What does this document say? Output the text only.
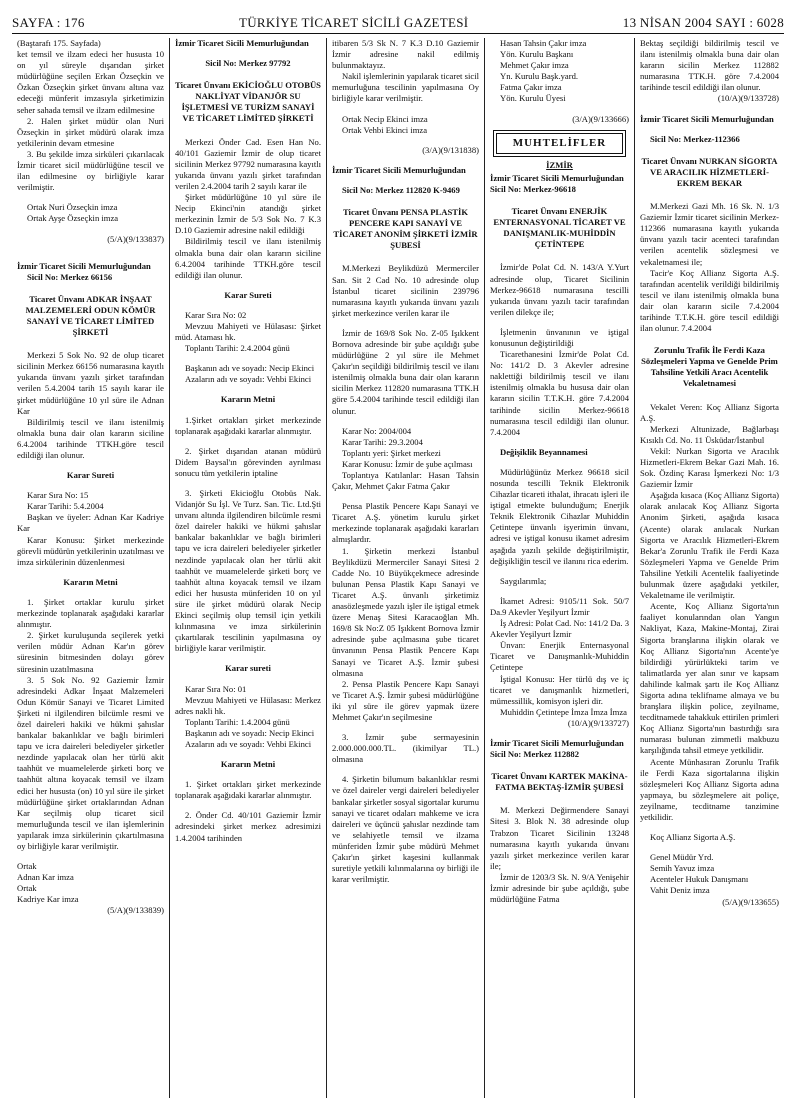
SAYFA : 176	TÜRKİYE TİCARET SİCİLİ GAZETESİ	13 NİSAN 2004 SAYI : 6028

(Baştarafı 175. Sayfada)

ket temsil ve ilzam edeci her hususta 10 on yıl süreyle dışarıdan şirket müdürlüğüne seçilen Erkan Özseçkin ve Özkan Özseçkin şirket ünvanı altına vaz edeceği münferit imzasıyla şirketimizin seher sahada temsil ve ilzam edilmesine

2. Halen şirket müdür olan Nuri Özseçkin in şirket müdürü olarak imza yetkilerinin devam etmesine

3. Bu şekilde imza sirküleri çıkarılacak İzmir ticaret sicil müdürlüğüne tescil ve ilan edilmesine oy birliğiyle karar verilmiştir.

Ortak Nuri Özseçkin imza

Ortak Ayşe Özseçkin imza

(5/A)(9/133837)

İzmir Ticaret Sicili Memurluğundan

Sicil No: Merkez 66156

Ticaret Ünvanı ADKAR İNŞAAT MALZEMELERİ ODUN KÖMÜR SANAYİ VE TİCARET LİMİTED ŞİRKETİ

Merkezi 5 Sok No. 92 de olup ticaret sicilinin Merkez 66156 numarasına kayıtlı yukarıda ünvanı yazılı şirket tarafından verilen 5.4.2004 tarih 15 sayılı karar ile şirket müdürlüğüne 10 yıl süre ile Adnan Kar

Bildirilmiş tescil ve ilanı istenilmiş olmakla buna dair olan kararın siciline 6.4.2004 tarihinde TTKH.göre tescil edildiği ilan olunur.

Karar Sureti

Karar Sıra No: 15

Karar Tarihi: 5.4.2004

Başkan ve üyeler: Adnan Kar Kadriye Kar

Karar Konusu: Şirket merkezinde görevli müdürün yetkilerinin uzatılması ve imza sirkülerinin düzenlenmesi

Kararın Metni

1. Şirket ortaklar kurulu şirket merkezinde toplanarak aşağıdaki kararlar alınmıştır.

2. Şirket kuruluşunda seçilerek yetki verilen müdür Adnan Kar'ın görev süresinin bitmesinden dolayı görev süresinin uzatılmasına

3. 5 Sok No. 92 Gaziemir İzmir adresindeki Adkar İnşaat Malzemeleri Odun Kömür Sanayi ve Ticaret Limited Şirketi ni ilgilendiren bilcümle resmi ve özel daireleri hakiki ve hükmi şahıslar bankalar bakanlıklar ve bağlı birimleri tapu ve icra daireleri belediyeler şirketler nezdinde yapılacak olan her türlü akit taahhüt ve muamelelerde şirketi borç ve taahhüt altına koyacak temsil ve ilzam edici her hususta (on) 10 yıl süre ile şirket müdürlüğüne şirket ortaklarından Adnan Kar seçilmiş olup ticaret sicil memurluğunda tescil ve ilan işlemlerinin yapılarak imza sirkülerinin çıkartılmasına oy birliğiyle karar verilmiştir.

Ortak

Adnan Kar imza

Ortak

Kadriye Kar imza

(5/A)(9/133839)

İzmir Ticaret Sicili Memurluğundan

Sicil No: Merkez 97792

Ticaret Ünvanı EKİCİOĞLU OTOBÜS NAKLİYAT VİDANJÖR SU İŞLETMESİ VE TURİZM SANAYİ VE TİCARET LİMİTED ŞİRKETİ

Merkezi Önder Cad. Esen Han No. 40/101 Gaziemir İzmir de olup ticaret sicilinin Merkez 97792 numarasına kayıtlı yukarıda ünvanı yazılı şirket tarafından verilen 2.4.2004 tarih 2 sayılı karar ile

Şirket müdürlüğüne 10 yıl süre ile Necip Ekinci'nin atandığı şirket merkezinin İzmir de 5/3 Sok No. 7 K.3 D.10 Gaziemir adresine nakil edildiği

Bildirilmiş tescil ve ilanı istenilmiş olmakla buna dair olan kararın siciline 6.4.2004 tarihinde TTKH.göre tescil edildiği ilan olunur.

Karar Sureti

Karar Sıra No: 02

Mevzuu Mahiyeti ve Hülasası: Şirket müd. Ataması hk.

Toplantı Tarihi: 2.4.2004 günü

Başkanın adı ve soyadı: Necip Ekinci

Azaların adı ve soyadı: Vehbi Ekinci

Kararın Metni

1.Şirket ortakları şirket merkezinde toplanarak aşağıdaki kararlar alınmıştır.

2. Şirket dışarıdan atanan müdürü Didem Baysal'ın görevinden ayrılması sonucu tüm yetkilerin iptaline

3. Şirketi Ekicioğlu Otobüs Nak. Vidanjör Su İşl. Ve Turz. San. Tic. Ltd.Şti unvanı altında ilgilendiren bilcümle resmi özel daireler hakiki ve hükmi şahıslar bankalar bakanlıklar ve bağlı birimleri tapu ve icra daireleri belediyeler şirketler nezdinde yapılacak olan her türlü akit taahhüt ve muamelelerde şirketi borç ve taahhüt altına koyacak temsil ve ilzam edici her hususta münferiden 10 on yıl süre ile şirket müdürü olarak Necip Ekinci seçilmiş olup temsil için yetkili kılınmasına ve imza sirkülerinin çıkartılarak tescilinin yapılmasına oy birliğiyle karar verilmiştir.

Karar sureti

Karar Sıra No: 01

Mevzuu Mahiyeti ve Hülasası: Merkez adres nakli hk.

Toplantı Tarihi: 1.4.2004 günü

Başkanın adı ve soyadı: Necip Ekinci

Azaların adı ve soyadı: Vehbi Ekinci

Kararın Metni

1. Şirket ortakları şirket merkezinde toplanarak aşağıdaki kararlar alınmıştır.

2. Önder Cd. 40/101 Gaziemir İzmir adresindeki şirket merkez adresimizi 1.4.2004 tarihinden

itibaren 5/3 Sk N. 7 K.3 D.10 Gaziemir İzmir adresine nakil edilmiş bulunmaktayız.

Nakil işlemlerinin yapılarak ticaret sicil memurluğuna tescilinin yapılmasına Oy birliğiyle karar verilmiştir.

Ortak Necip Ekinci imza

Ortak Vehbi Ekinci imza

(3/A)(9/131838)

İzmir Ticaret Sicili Memurluğundan

Sicil No: Merkez 112820 K-9469

Ticaret Ünvanı PENSA PLASTİK PENCERE KAPI SANAYİ VE TİCARET ANONİM ŞİRKETİ İZMİR ŞUBESİ

M.Merkezi Beylikdüzü Mermerciler San. Sit 2 Cad No. 10 adresinde olup İstanbul ticaret sicilinin 239796 numarasına kayıtlı yukarıda ünvanı yazılı şirket merkezince verilen karar ile

İzmir de 169/8 Sok No. Z-05 Işıkkent Bornova adresinde bir şube açıldığı şube müdürlüğüne 2 yıl süre ile Mehmet Çakır'ın seçildiği bildirilmiş tescil ve ilanı istenilmiş olmakla buna dair olan kararın sicilin Merkez 112820 numarasına TTK.H göre 5.4.2004 tarihinde tescil edildiği ilan olunur.

Karar No: 2004/004

Karar Tarihi: 29.3.2004

Toplantı yeri: Şirket merkezi

Karar Konusu: İzmir de şube açılması

Toplantıya Katılanlar: Hasan Tahsin Çakır, Mehmet Çakır Fatma Çakır

Pensa Plastik Pencere Kapı Sanayi ve Ticaret A.Ş. yönetim kurulu şirket merkezinde toplanarak aşağıdaki kararları almışlardır.

1. Şirketin merkezi İstanbul Beylikdüzü Mermerciler Sanayi Sitesi 2 Cadde No. 10 Büyükçekmece adresinde bulunan Pensa Plastik Kapı Sanayi ve Ticaret A.Ş. ünvanlı şirketimiz anasözleşmede yazılı işler ile iştigal etmek üzere Menaş Sitesi Karacaoğlan Mh. 169/8 Sk No:Z 05 Işıkkent Bornova İzmir adresinde şube açılmasına şube ticaret ünvanının Pensa Plastik Pencere Kapı Sanayi ve Ticaret A.Ş. İzmir şubesi olmasına

2. Pensa Plastik Pencere Kapı Sanayi ve Ticaret A.Ş. İzmir şubesi müdürlüğüne iki yıl süre ile görev yapmak üzere Mehmet Çakır'ın seçilmesine

3. İzmir şube sermayesinin 2.000.000.000.TL. (ikimilyar TL.) olmasına

4. Şirketin bilumum bakanlıklar resmi ve özel daireler vergi daireleri belediyeler bankalar şirketler sosyal sigortalar kurumu sanayi ve ticaret odaları mahkeme ve icra daireleri ve üçüncü şahıslar nezdinde tam ve selahiyetle temsil ve ilzama münferiden İzmir şube müdürü Mehmet Çakır'ın şirket kaşesini kullanmak suretiyle yetkili kılınmalarına oy birliği ile karar verilmiştir.

Hasan Tahsin Çakır imza

Yön. Kurulu Başkanı

Mehmet Çakır imza

Yn. Kurulu Başk.yard.

Fatma Çakır imza

Yön. Kurulu Üyesi

(3/A)(9/133666)

MUHTELİFLER

İZMİR

İzmir Ticaret Sicili Memurluğundan

Sicil No: Merkez-96618

Ticaret Ünvanı ENERJİK ENTERNASYONAL TİCARET VE DANIŞMANLIK-MUHİDDİN ÇETİNTEPE

İzmir'de Polat Cd. N. 143/A Y.Yurt adresinde olup, Ticaret Sicilinin Merkez-96618 numarasına tescilli yukarıda ünvanı yazılı tacir tarafından verilen dilekçe ile;

İşletmenin ünvanının ve iştigal konusunun değiştirildiği

Ticarethanesini İzmir'de Polat Cd. No: 141/2 D. 3 Akevler adresine naklettiği bildirilmiş tescil ve ilanı istenilmiş olmakla bu hususa dair olan kararın sicilin T.T.K.H. göre 7.4.2004 tarihinde sicilin Merkez-96618 numarasına tescil edildiği ilan olunur. 7.4.2004

Değişiklik Beyannamesi

Müdürlüğünüz Merkez 96618 sicil nosunda tescilli Teknik Elektronik Cihazlar ticareti ithalat, ihracatı işleri ile iştigal etmekte bulunduğum; Enerjik Teknik Elektronik Cihazlar Muhiddin Çetintepe ünvanlı işyerimin ünvanı, adresi ve iştigal konusu ikamet adresim aşağıda yazılı şekilde değiştirilmiştir, değişikliğin tescil ve ilanını rica ederim.

Saygılarımla;

İkamet Adresi: 9105/11 Sok. 50/7 Da.9 Akevler Yeşilyurt İzmir

İş Adresi: Polat Cad. No: 141/2 Da. 3 Akevler Yeşilyurt İzmir

Ünvan: Enerjik Enternasyonal Ticaret ve Danışmanlık-Muhiddin Çetintepe

İştigal Konusu: Her türlü dış ve iç ticaret ve danışmanlık hizmetleri, mümessillik, komisyon işleri dir.

Muhiddin Çetintepe İmza İmza İmza

(10/A)(9/133727)

İzmir Ticaret Sicili Memurluğundan

Sicil No: Merkez 112882

Ticaret Ünvanı KARTEK MAKİNA-FATMA BEKTAŞ-İZMİR ŞUBESİ

M. Merkezi Değirmendere Sanayi Sitesi 3. Blok N. 38 adresinde olup Trabzon Ticaret Sicilinin 13248 numarasına kayıtlı yukarıda ünvanı yazılı şirket merkezince verilen karar ile;

İzmir de 1203/3 Sk. N. 9/A Yenişehir İzmir adresinde bir şube açıldığı, şube müdürlüğüne Fatma

Bektaş seçildiği bildirilmiş tescil ve ilanı istenilmiş olmakla buna dair olan kararın sicilin Merkez 112882 numarasına TTK.H. göre 7.4.2004 tarihinde tescil edildiği ilan olunur.

(10/A)(9/133728)

İzmir Ticaret Sicili Memurluğundan

Sicil No: Merkez-112366

Ticaret Ünvanı NURKAN SİGORTA VE ARACILIK HİZMETLERİ-EKREM BEKAR

M.Merkezi Gazi Mh. 16 Sk. N. 1/3 Gaziemir İzmir ticaret sicilinin Merkez-112366 numarasına kayıtlı yukarıda ünvanı yazılı tacir acenteci tarafından verilen acentelik sözleşmesi ve vekaletnamesi ile;

Tacir'e Koç Allianz Sigorta A.Ş. tarafından acentelik verildiği bildirilmiş tescil ve ilanı istenilmiş olmakla buna dair olan kararın sicile 7.4.2004 tarihinde T.T.K.H. göre tescil edildiği ilan olunur. 7.4.2004

Zorunlu Trafik İle Ferdi Kaza Sözleşmeleri Yapma ve Genelde Prim Tahsiline Yetkili Aracı Acentelik Vekaletnamesi

Vekalet Veren: Koç Allianz Sigorta A.Ş.

Merkezi Altunizade, Bağlarbaşı Kısıklı Cd. No. 11 Üsküdar/İstanbul

Vekil: Nurkan Sigorta ve Aracılık Hizmetleri-Ekrem Bekar Gazi Mah. 16. Sok. Özdinç Karası İşmerkezi No: 1/3 Gaziemir İzmir

Aşağıda kısaca (Koç Allianz Sigorta) olarak anılacak Koç Allianz Sigorta Anonim Şirketi, aşağıda kısaca (Acente) olarak anılacak Nurkan Sigorta ve Aracılık Hizmetleri-Ekrem Bekar'a Zorunlu Trafik ile Ferdi Kaza Sözleşmeleri Yapma ve Genelde Prim Tahsiline Yetkili Acentelik faaliyetinde bulunmak üzere aşağıdaki yetkiler, Vekaletname ile verilmiştir.

Acente, Koç Allianz Sigorta'nın faaliyet konularından olan Yangın Nakliyat, Kaza, Makine-Montaj, Zirai Sigorta branşlarına ilişkin olarak ve Koç Allianz Sigorta'nın Acente'ye bildirdiği yürürlükteki tarim ve talimatlarda yer alan sınır ve kapsam dahilinde kalmak şartı ile Koç Allianz Sigorta adına teklifname almaya ve bu branşlara ilişkin police, zeyilname, tecditnamede tahakkuk ettirilen primleri Koç Allianz Sigorta'nın bastırdığı sıra numarası bulunan zimmetli makbuzu karşılığında tahsil etmeye yetkilidir.

Acente Münhasıran Zorunlu Trafik ile Ferdi Kaza sigortalarına ilişkin sözleşmeleri Koç Allianz Sigorta adına yapmaya, bu sözleşmelere ait poliçe, zeyilname, tecditname tanzimine yetkilidir.

Koç Allianz Sigorta A.Ş.

Genel Müdür Yrd.

Semih Yavuz imza

Acenteler Hukuk Danışmanı

Vahit Deniz imza

(5/A)(9/133655)
